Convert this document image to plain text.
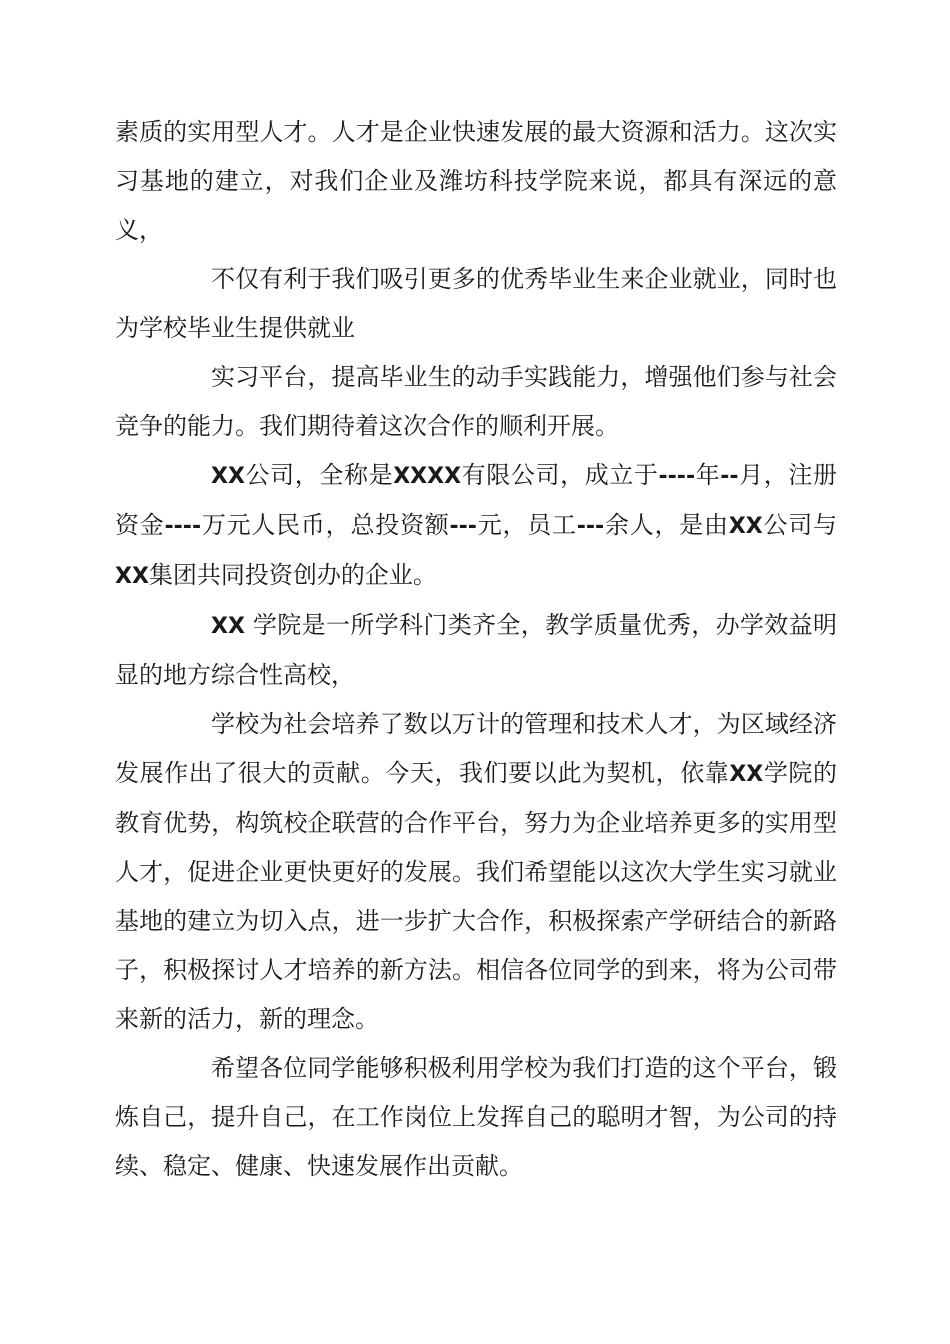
素质的实用型人才。人才是企业快速发展的最大资源和活力。这次实习基地的建立，对我们企业及潍坊科技学院来说，都具有深远的意义，

不仅有利于我们吸引更多的优秀毕业生来企业就业，同时也为学校毕业生提供就业

实习平台，提高毕业生的动手实践能力，增强他们参与社会竞争的能力。我们期待着这次合作的顺利开展。

XX公司，全称是XXXX有限公司，成立于----年--月，注册资金----万元人民币，总投资额---元，员工---余人，是由XX公司与XX集团共同投资创办的企业。

XX 学院是一所学科门类齐全，教学质量优秀，办学效益明显的地方综合性高校，

学校为社会培养了数以万计的管理和技术人才，为区域经济发展作出了很大的贡献。今天，我们要以此为契机，依靠XX学院的教育优势，构筑校企联营的合作平台，努力为企业培养更多的实用型人才，促进企业更快更好的发展。我们希望能以这次大学生实习就业基地的建立为切入点，进一步扩大合作，积极探索产学研结合的新路子，积极探讨人才培养的新方法。相信各位同学的到来，将为公司带来新的活力，新的理念。

希望各位同学能够积极利用学校为我们打造的这个平台，锻炼自己，提升自己，在工作岗位上发挥自己的聪明才智，为公司的持续、稳定、健康、快速发展作出贡献。
